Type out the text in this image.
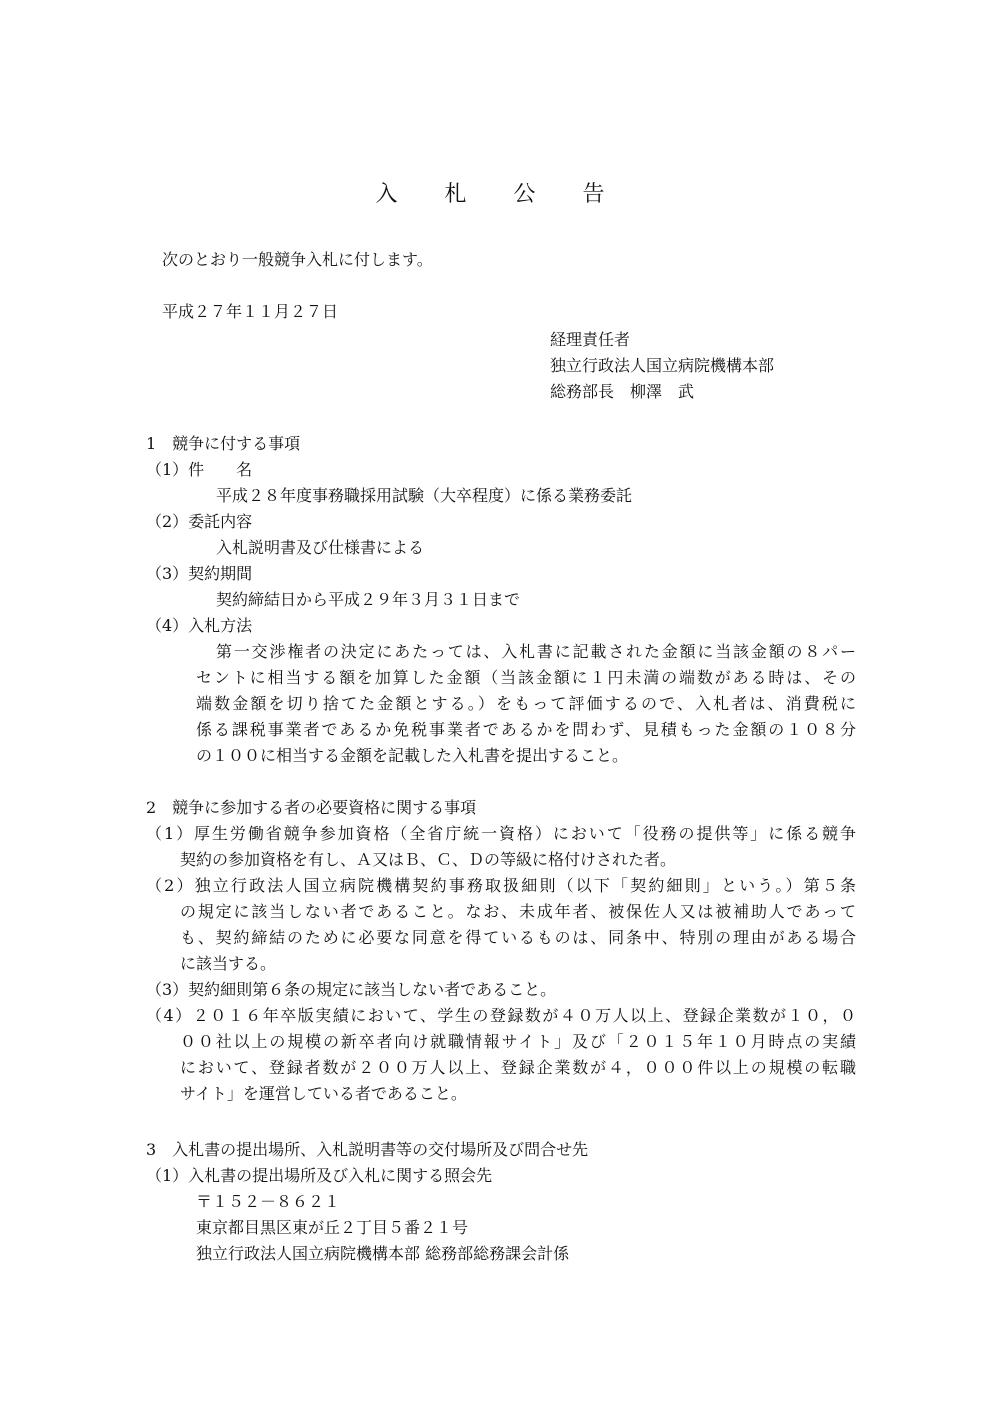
入 札 公 告
次のとおり一般競争入札に付します。
平成２７年１１月２７日
経理責任者
独立行政法人国立病院機構本部
総務部長　柳澤　武
1　競争に付する事項
（1）件　　名
平成２８年度事務職採用試験（大卒程度）に係る業務委託
（2）委託内容
入札説明書及び仕様書による
（3）契約期間
契約締結日から平成２９年３月３１日まで
（4）入札方法
第一交渉権者の決定にあたっては、入札書に記載された金額に当該金額の８パー
セントに相当する額を加算した金額（当該金額に１円未満の端数がある時は、その
端数金額を切り捨てた金額とする。）をもって評価するので、入札者は、消費税に
係る課税事業者であるか免税事業者であるかを問わず、見積もった金額の１０８分
の１００に相当する金額を記載した入札書を提出すること。
2　競争に参加する者の必要資格に関する事項
（1）厚生労働省競争参加資格（全省庁統一資格）において「役務の提供等」に係る競争
契約の参加資格を有し、Ａ又はＢ、Ｃ、Ｄの等級に格付けされた者。
（2）独立行政法人国立病院機構契約事務取扱細則（以下「契約細則」という。）第５条
の規定に該当しない者であること。なお、未成年者、被保佐人又は被補助人であって
も、契約締結のために必要な同意を得ているものは、同条中、特別の理由がある場合
に該当する。
（3）契約細則第６条の規定に該当しない者であること。
（4）２０１６年卒版実績において、学生の登録数が４０万人以上、登録企業数が１０，０
００社以上の規模の新卒者向け就職情報サイト」及び「２０１５年１０月時点の実績
において、登録者数が２００万人以上、登録企業数が４，０００件以上の規模の転職
サイト」を運営している者であること。
3　入札書の提出場所、入札説明書等の交付場所及び問合せ先
（1）入札書の提出場所及び入札に関する照会先
〒１５２－８６２１
東京都目黒区東が丘２丁目５番２１号
独立行政法人国立病院機構本部 総務部総務課会計係
